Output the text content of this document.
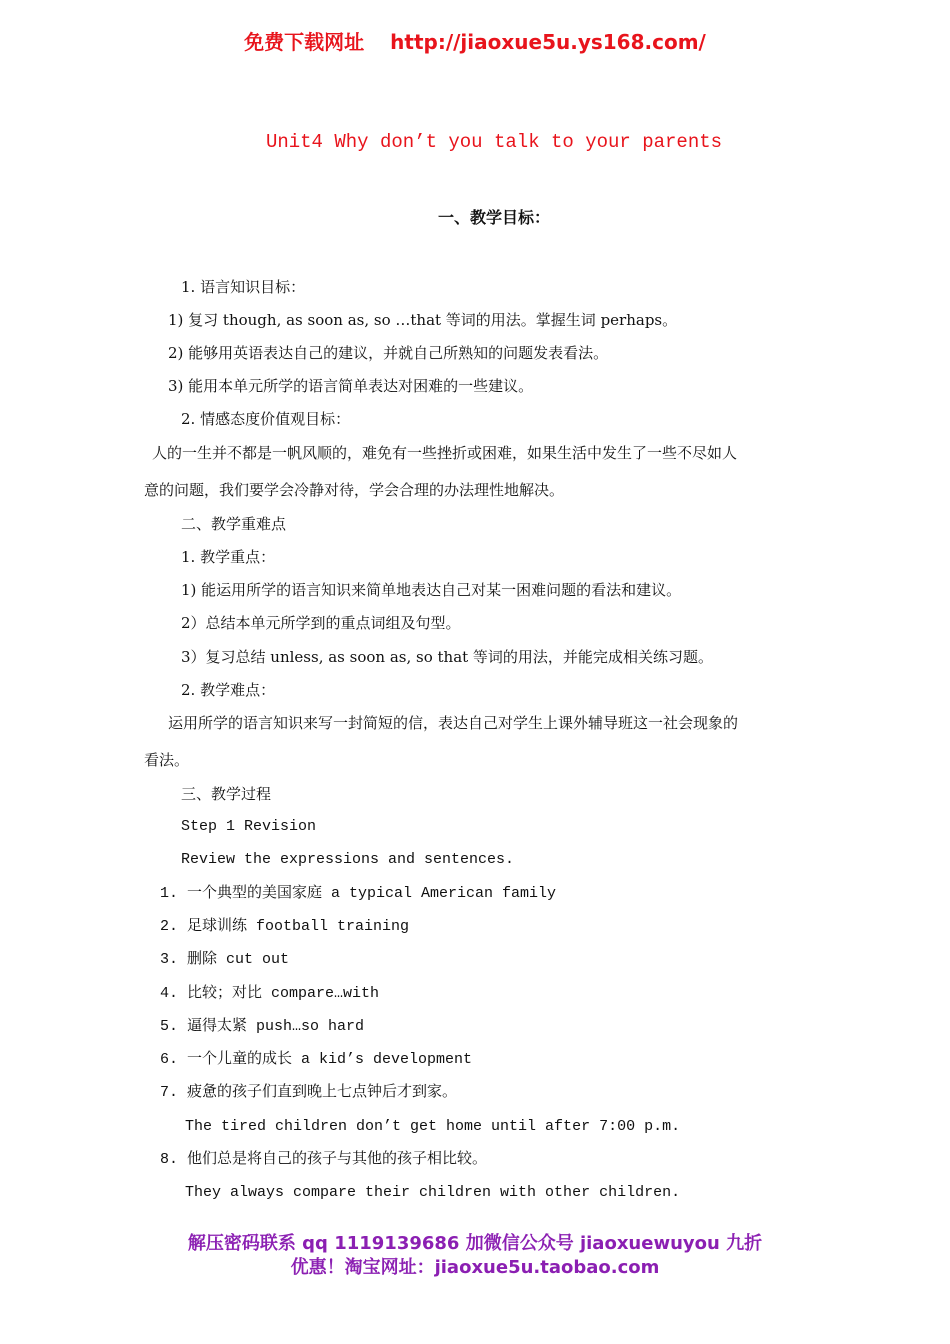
免费下载网址 http://jiaoxue5u.ys168.com/
Unit4 Why don’t you talk to your parents
一、教学目标：
1. 语言知识目标：
1) 复习 though, as soon as, so …that 等词的用法。掌握生词 perhaps。
2) 能够用英语表达自己的建议，并就自己所熟知的问题发表看法。
3) 能用本单元所学的语言简单表达对困难的一些建议。
2. 情感态度价值观目标：
人的一生并不都是一帆风顺的，难免有一些挫折或困难，如果生活中发生了一些不尽如人
意的问题，我们要学会冷静对待，学会合理的办法理性地解决。
二、教学重难点
1. 教学重点：
1) 能运用所学的语言知识来简单地表达自己对某一困难问题的看法和建议。
2）总结本单元所学到的重点词组及句型。
3）复习总结 unless, as soon as, so that 等词的用法，并能完成相关练习题。
2. 教学难点：
运用所学的语言知识来写一封简短的信，表达自己对学生上课外辅导班这一社会现象的
看法。
三、教学过程
Step 1 Revision
Review the expressions and sentences.
1. 一个典型的美国家庭 a typical American family
2. 足球训练 football training
3. 删除 cut out
4. 比较；对比 compare…with
5. 逼得太紧 push…so hard
6. 一个儿童的成长 a kid’s development
7. 疲惫的孩子们直到晚上七点钟后才到家。
The tired children don’t get home until after 7:00 p.m.
8. 他们总是将自己的孩子与其他的孩子相比较。
They always compare their children with other children.
解压密码联系 qq 1119139686 加微信公众号 jiaoxuewuyou 九折
优惠！淘宝网址：jiaoxue5u.taobao.com
